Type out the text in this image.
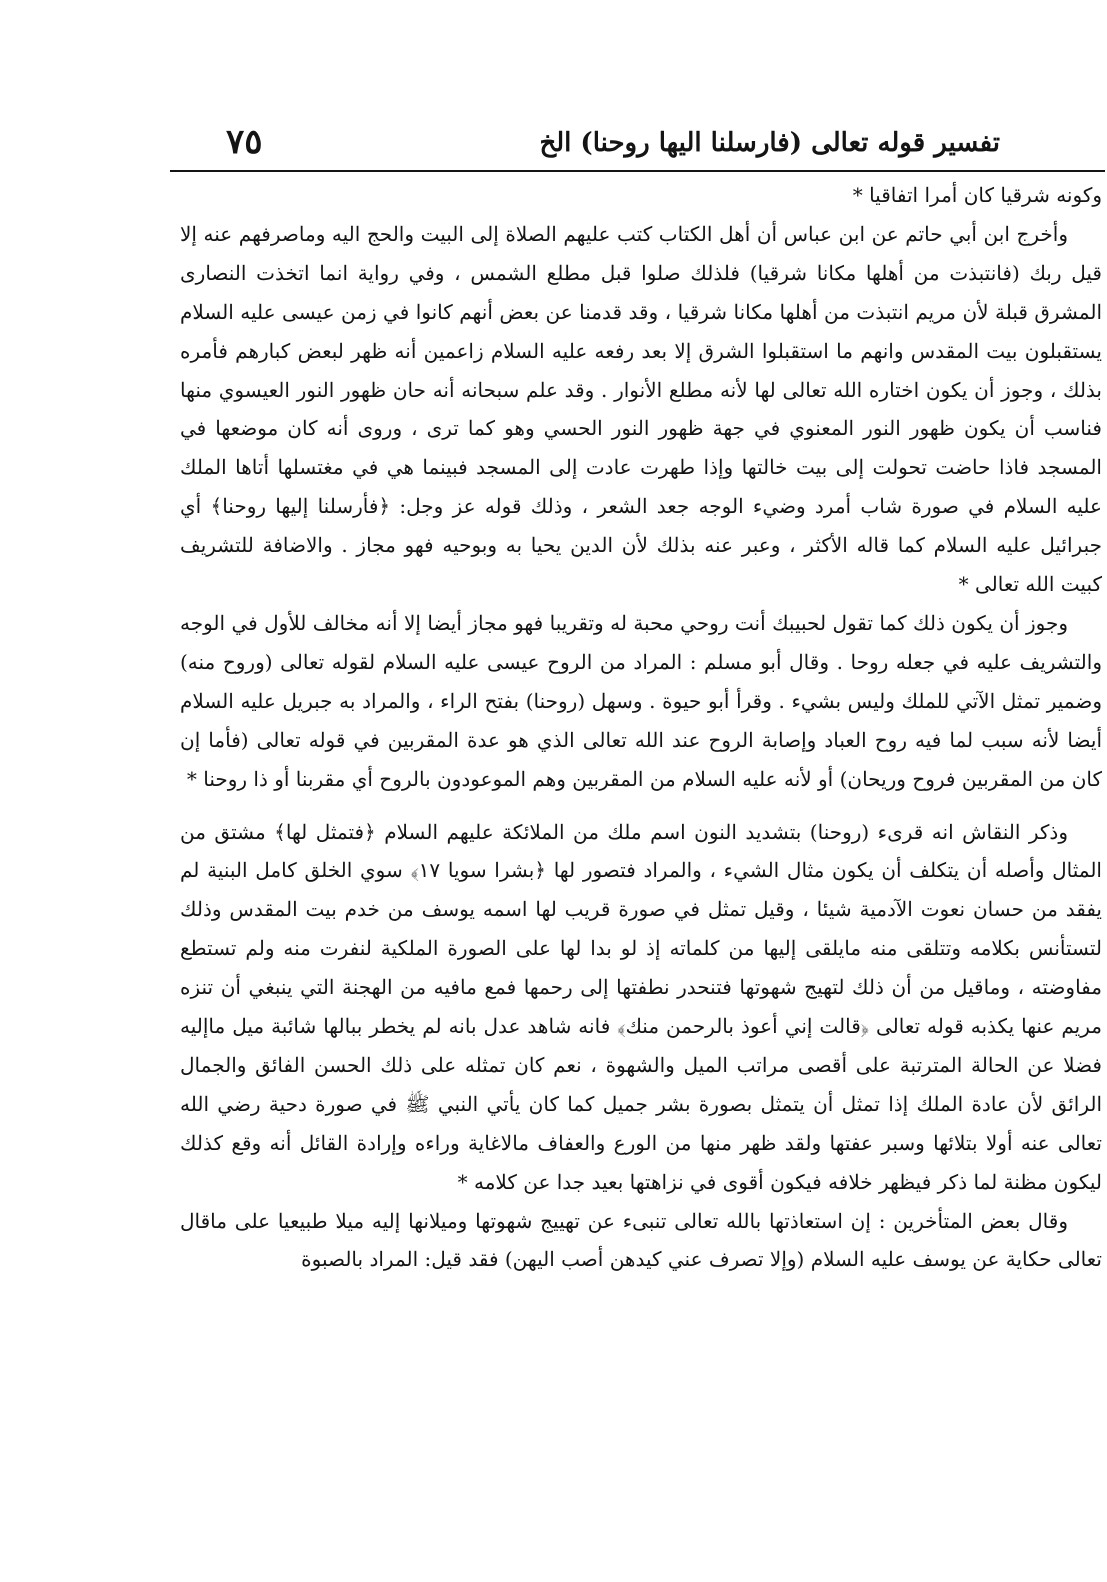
تفسير قوله تعالى (فارسلنا اليها روحنا) الخ
٧٥

وكونه شرقيا كان أمرا اتفاقيا *

وأخرج ابن أبي حاتم عن ابن عباس أن أهل الكتاب كتب عليهم الصلاة إلى البيت والحج اليه وماصرفهم عنه إلا قيل ربك (فانتبذت من أهلها مكانا شرقيا) فلذلك صلوا قبل مطلع الشمس ، وفي رواية انما اتخذت النصارى المشرق قبلة لأن مريم انتبذت من أهلها مكانا شرقيا ، وقد قدمنا عن بعض أنهم كانوا في زمن عيسى عليه السلام يستقبلون بيت المقدس وانهم ما استقبلوا الشرق إلا بعد رفعه عليه السلام زاعمين أنه ظهر لبعض كبارهم فأمره بذلك ، وجوز أن يكون اختاره الله تعالى لها لأنه مطلع الأنوار . وقد علم سبحانه أنه حان ظهور النور العيسوي منها فناسب أن يكون ظهور النور المعنوي في جهة ظهور النور الحسي وهو كما ترى ، وروى أنه كان موضعها في المسجد فاذا حاضت تحولت إلى بيت خالتها وإذا طهرت عادت إلى المسجد فبينما هي في مغتسلها أتاها الملك عليه السلام في صورة شاب أمرد وضيء الوجه جعد الشعر ، وذلك قوله عز وجل: ﴿فأرسلنا إليها روحنا﴾ أي جبرائيل عليه السلام كما قاله الأكثر ، وعبر عنه بذلك لأن الدين يحيا به وبوحيه فهو مجاز . والاضافة للتشريف كبيت الله تعالى *

وجوز أن يكون ذلك كما تقول لحبيبك أنت روحي محبة له وتقريبا فهو مجاز أيضا إلا أنه مخالف للأول في الوجه والتشريف عليه في جعله روحا . وقال أبو مسلم : المراد من الروح عيسى عليه السلام لقوله تعالى (وروح منه) وضمير تمثل الآتي للملك وليس بشيء . وقرأ أبو حيوة . وسهل (روحنا) بفتح الراء ، والمراد به جبريل عليه السلام أيضا لأنه سبب لما فيه روح العباد وإصابة الروح عند الله تعالى الذي هو عدة المقربين في قوله تعالى (فأما إن كان من المقربين فروح وريحان) أو لأنه عليه السلام من المقربين وهم الموعودون بالروح أي مقربنا أو ذا روحنا *

وذكر النقاش انه قرىء (روحنا) بتشديد النون اسم ملك من الملائكة عليهم السلام ﴿فتمثل لها﴾ مشتق من المثال وأصله أن يتكلف أن يكون مثال الشيء ، والمراد فتصور لها ﴿بشرا سويا ١٧﴾ سوي الخلق كامل البنية لم يفقد من حسان نعوت الآدمية شيئا ، وقيل تمثل في صورة قريب لها اسمه يوسف من خدم بيت المقدس وذلك لتستأنس بكلامه وتتلقى منه مايلقى إليها من كلماته إذ لو بدا لها على الصورة الملكية لنفرت منه ولم تستطع مفاوضته ، وماقيل من أن ذلك لتهيج شهوتها فتنحدر نطفتها إلى رحمها فمع مافيه من الهجنة التي ينبغي أن تنزه مريم عنها يكذبه قوله تعالى ﴿قالت إني أعوذ بالرحمن منك﴾ فانه شاهد عدل بانه لم يخطر ببالها شائبة ميل ماإليه فضلا عن الحالة المترتبة على أقصى مراتب الميل والشهوة ، نعم كان تمثله على ذلك الحسن الفائق والجمال الرائق لأن عادة الملك إذا تمثل أن يتمثل بصورة بشر جميل كما كان يأتي النبي ﷺ في صورة دحية رضي الله تعالى عنه أولا بتلائها وسبر عفتها ولقد ظهر منها من الورع والعفاف مالاغاية وراءه وإرادة القائل أنه وقع كذلك ليكون مظنة لما ذكر فيظهر خلافه فيكون أقوى في نزاهتها بعيد جدا عن كلامه *

وقال بعض المتأخرين : إن استعاذتها بالله تعالى تنبىء عن تهييج شهوتها وميلانها إليه ميلا طبيعيا على ماقال تعالى حكاية عن يوسف عليه السلام (وإلا تصرف عني كيدهن أصب اليهن) فقد قيل: المراد بالصبوة
